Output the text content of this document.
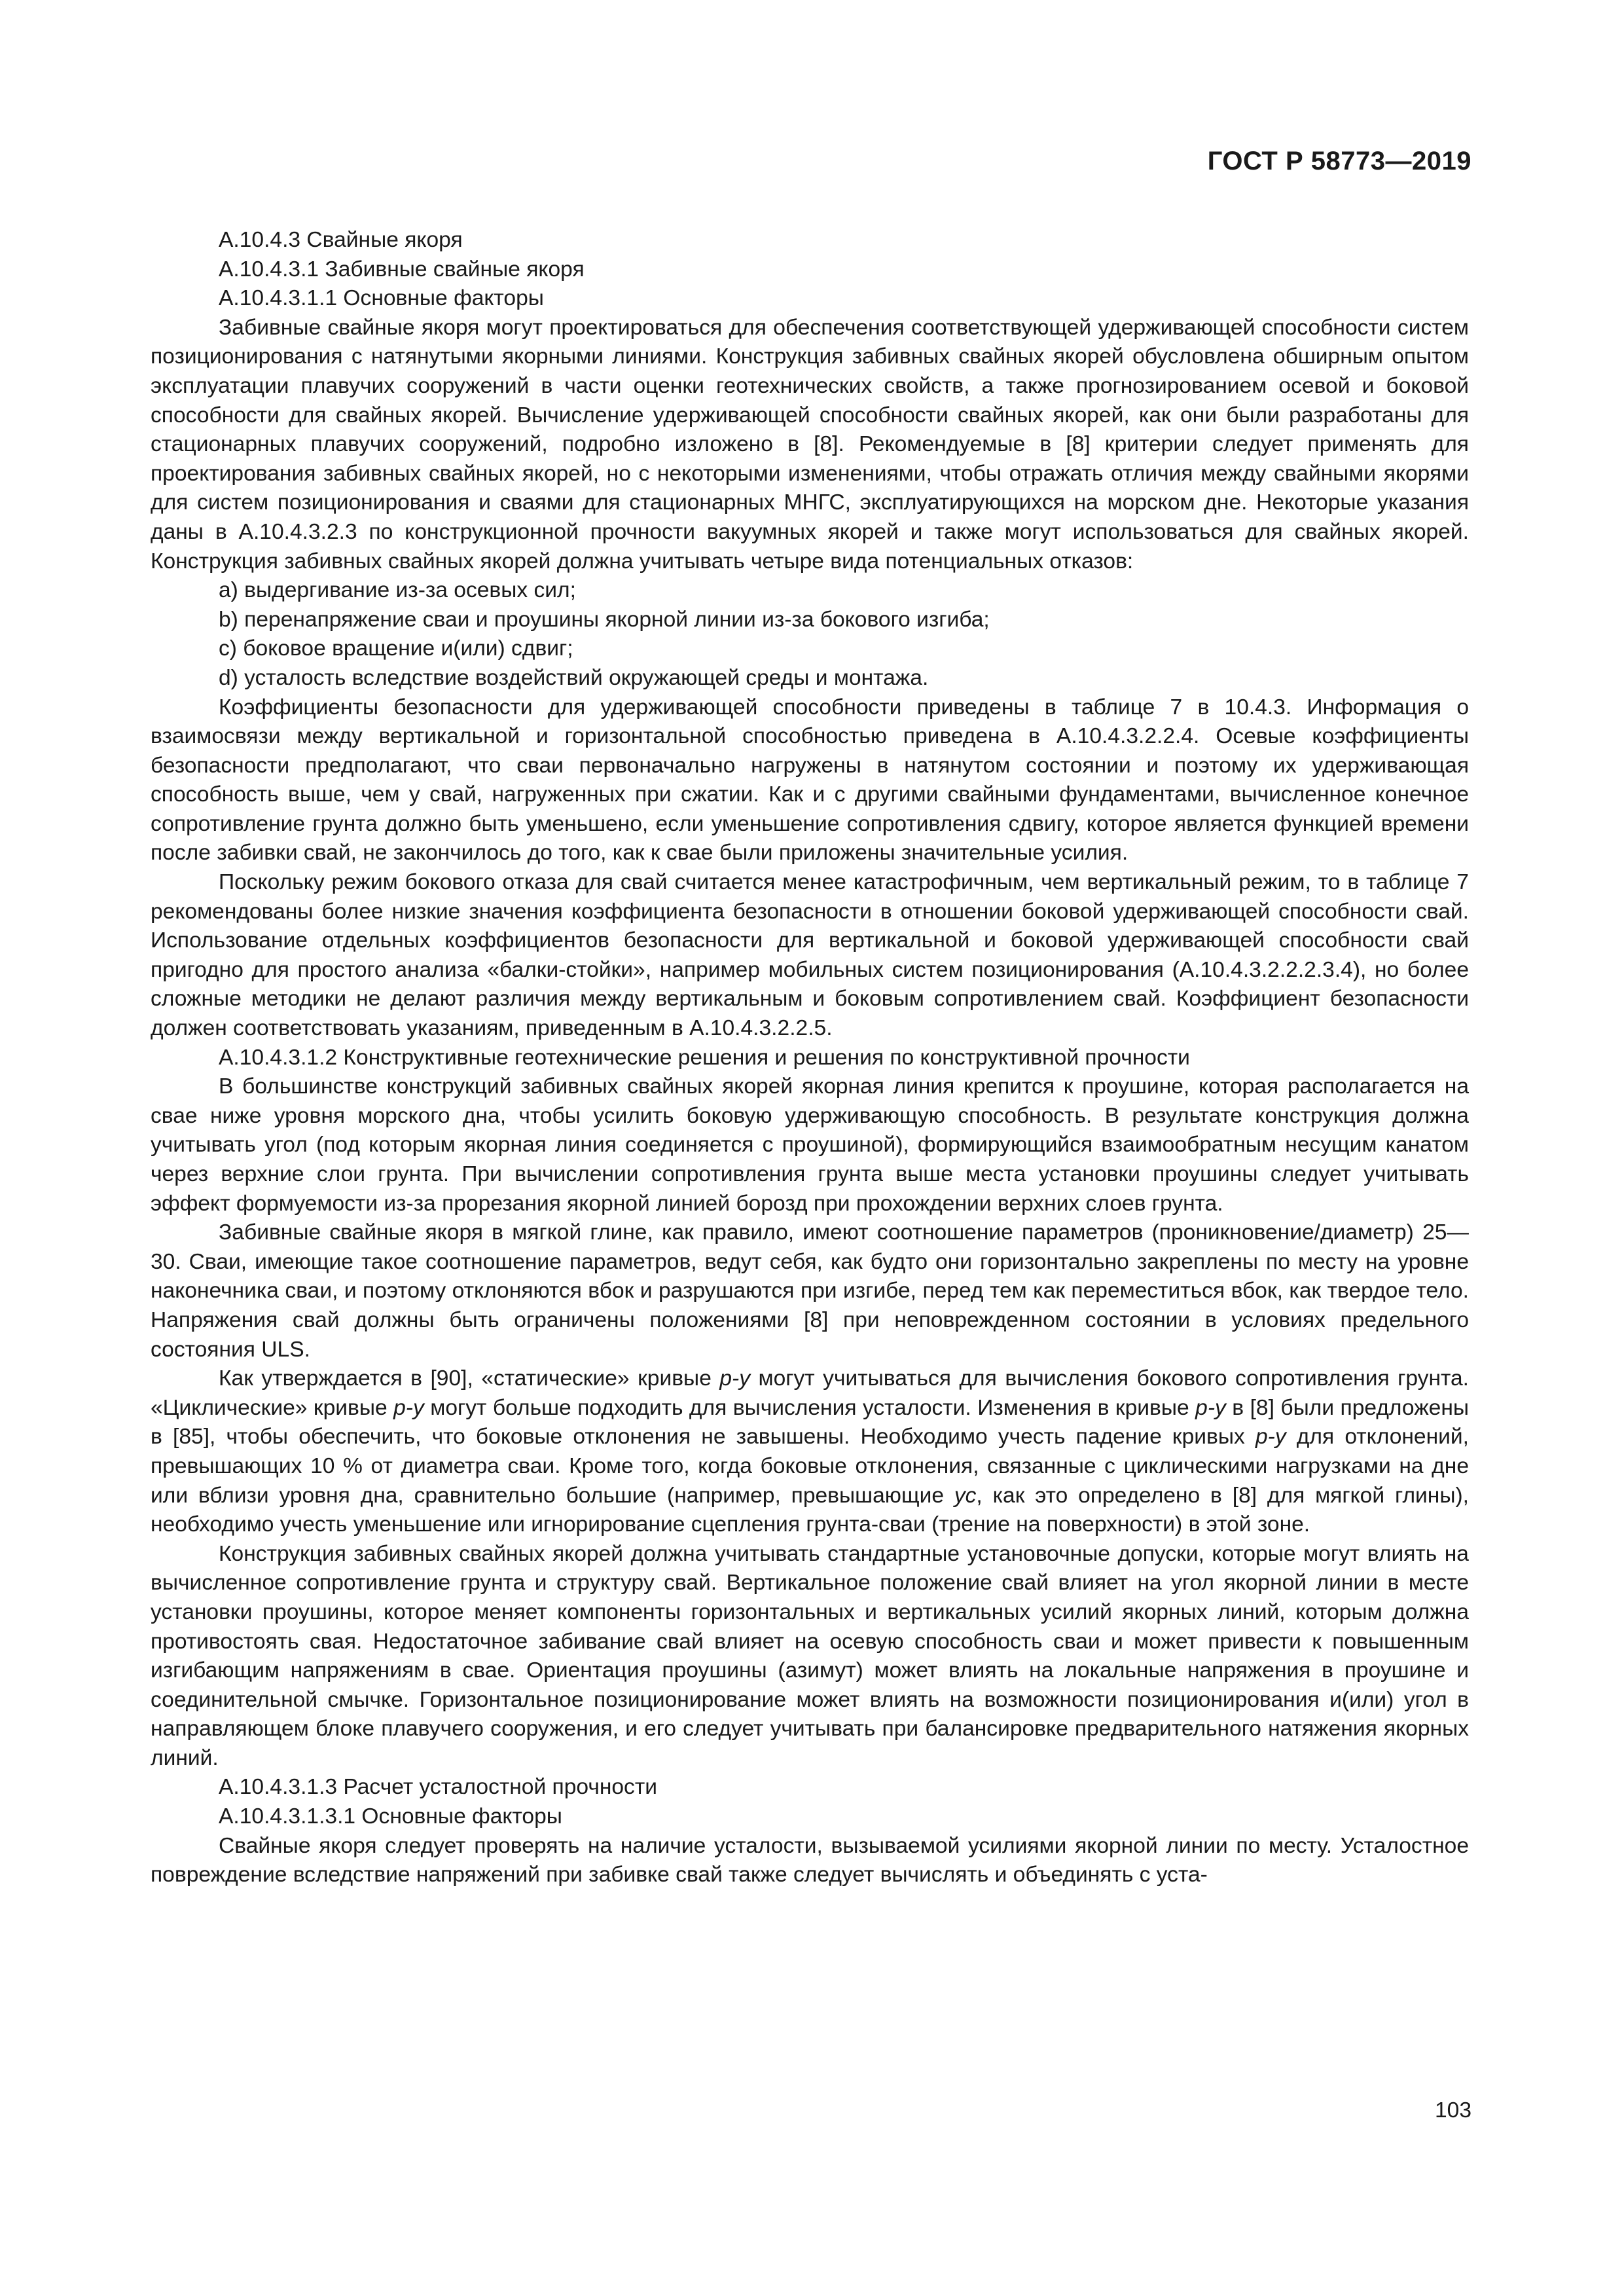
ГОСТ Р 58773—2019
А.10.4.3 Свайные якоря
А.10.4.3.1 Забивные свайные якоря
А.10.4.3.1.1 Основные факторы
Забивные свайные якоря могут проектироваться для обеспечения соответствующей удерживающей способности систем позиционирования с натянутыми якорными линиями. Конструкция забивных свайных якорей обусловлена обширным опытом эксплуатации плавучих сооружений в части оценки геотехнических свойств, а также прогнозированием осевой и боковой способности для свайных якорей. Вычисление удерживающей способности свайных якорей, как они были разработаны для стационарных плавучих сооружений, подробно изложено в [8]. Рекомендуемые в [8] критерии следует применять для проектирования забивных свайных якорей, но с некоторыми изменениями, чтобы отражать отличия между свайными якорями для систем позиционирования и сваями для стационарных МНГС, эксплуатирующихся на морском дне. Некоторые указания даны в А.10.4.3.2.3 по конструкционной прочности вакуумных якорей и также могут использоваться для свайных якорей. Конструкция забивных свайных якорей должна учитывать четыре вида потенциальных отказов:
а) выдергивание из-за осевых сил;
b) перенапряжение сваи и проушины якорной линии из-за бокового изгиба;
с) боковое вращение и(или) сдвиг;
d) усталость вследствие воздействий окружающей среды и монтажа.
Коэффициенты безопасности для удерживающей способности приведены в таблице 7 в 10.4.3. Информация о взаимосвязи между вертикальной и горизонтальной способностью приведена в А.10.4.3.2.2.4. Осевые коэффициенты безопасности предполагают, что сваи первоначально нагружены в натянутом состоянии и поэтому их удерживающая способность выше, чем у свай, нагруженных при сжатии. Как и с другими свайными фундаментами, вычисленное конечное сопротивление грунта должно быть уменьшено, если уменьшение сопротивления сдвигу, которое является функцией времени после забивки свай, не закончилось до того, как к свае были приложены значительные усилия.
Поскольку режим бокового отказа для свай считается менее катастрофичным, чем вертикальный режим, то в таблице 7 рекомендованы более низкие значения коэффициента безопасности в отношении боковой удерживающей способности свай. Использование отдельных коэффициентов безопасности для вертикальной и боковой удерживающей способности свай пригодно для простого анализа «балки-стойки», например мобильных систем позиционирования (А.10.4.3.2.2.2.3.4), но более сложные методики не делают различия между вертикальным и боковым сопротивлением свай. Коэффициент безопасности должен соответствовать указаниям, приведенным в А.10.4.3.2.2.5.
А.10.4.3.1.2 Конструктивные геотехнические решения и решения по конструктивной прочности
В большинстве конструкций забивных свайных якорей якорная линия крепится к проушине, которая располагается на сваe ниже уровня морского дна, чтобы усилить боковую удерживающую способность. В результате конструкция должна учитывать угол (под которым якорная линия соединяется с проушиной), формирующийся взаимообратным несущим канатом через верхние слои грунта. При вычислении сопротивления грунта выше места установки проушины следует учитывать эффект формуемости из-за прорезания якорной линией борозд при прохождении верхних слоев грунта.
Забивные свайные якоря в мягкой глине, как правило, имеют соотношение параметров (проникновение/диаметр) 25—30. Сваи, имеющие такое соотношение параметров, ведут себя, как будто они горизонтально закреплены по месту на уровне наконечника сваи, и поэтому отклоняются вбок и разрушаются при изгибе, перед тем как переместиться вбок, как твердое тело. Напряжения свай должны быть ограничены положениями [8] при неповрежденном состоянии в условиях предельного состояния ULS.
Как утверждается в [90], «статические» кривые p-y могут учитываться для вычисления бокового сопротивления грунта. «Циклические» кривые p-y могут больше подходить для вычисления усталости. Изменения в кривые p-y в [8] были предложены в [85], чтобы обеспечить, что боковые отклонения не завышены. Необходимо учесть падение кривых p-y для отклонений, превышающих 10 % от диаметра сваи. Кроме того, когда боковые отклонения, связанные с циклическими нагрузками на дне или вблизи уровня дна, сравнительно большие (например, превышающие yc, как это определено в [8] для мягкой глины), необходимо учесть уменьшение или игнорирование сцепления грунта-сваи (трение на поверхности) в этой зоне.
Конструкция забивных свайных якорей должна учитывать стандартные установочные допуски, которые могут влиять на вычисленное сопротивление грунта и структуру свай. Вертикальное положение свай влияет на угол якорной линии в месте установки проушины, которое меняет компоненты горизонтальных и вертикальных усилий якорных линий, которым должна противостоять свая. Недостаточное забивание свай влияет на осевую способность сваи и может привести к повышенным изгибающим напряжениям в сваe. Ориентация проушины (азимут) может влиять на локальные напряжения в проушине и соединительной смычке. Горизонтальное позиционирование может влиять на возможности позиционирования и(или) угол в направляющем блоке плавучего сооружения, и его следует учитывать при балансировке предварительного натяжения якорных линий.
А.10.4.3.1.3 Расчет усталостной прочности
А.10.4.3.1.3.1 Основные факторы
Свайные якоря следует проверять на наличие усталости, вызываемой усилиями якорной линии по месту. Усталостное повреждение вследствие напряжений при забивке свай также следует вычислять и объединять с уста-
103
